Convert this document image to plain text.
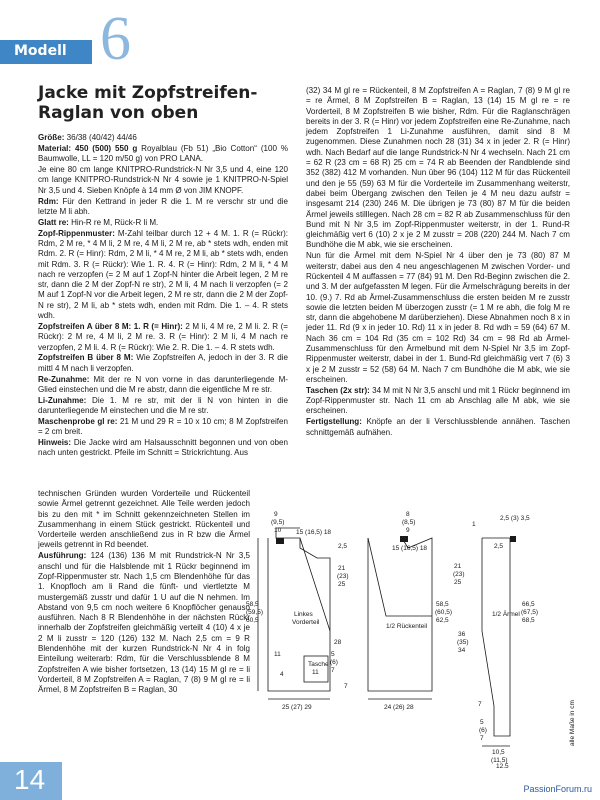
Modell 6
Jacke mit Zopfstreifen-Raglan von oben

Größe: 36/38 (40/42) 44/46

Material: 450 (500) 550 g Royalblau (Fb 51) „Bio Cotton“ (100 % Baumwolle, LL = 120 m/50 g) von PRO LANA.

Je eine 80 cm lange KNITPRO-Rundstrick-N Nr 3,5 und 4, eine 120 cm lange KNITPRO-Rundstrick-N Nr 4 sowie je 1 KNITPRO-N-Spiel Nr 3,5 und 4. Sieben Knöpfe à 14 mm Ø von JIM KNOPF.

Rdm: Für den Kettrand in jeder R die 1. M re verschr str und die letzte M li abh.

Glatt re: Hin-R re M, Rück-R li M.

Zopf-Rippenmuster: M-Zahl teilbar durch 12 + 4 M. 1. R (= Rückr): Rdm, 2 M re, * 4 M li, 2 M re, 4 M li, 2 M re, ab * stets wdh, enden mit Rdm. 2. R (= Hinr): Rdm, 2 M li, * 4 M re, 2 M li, ab * stets wdh, enden mit Rdm. 3. R (= Rückr): Wie 1. R. 4. R (= Hinr): Rdm, 2 M li, * 4 M nach re verzopfen (= 2 M auf 1 Zopf-N hinter die Arbeit legen, 2 M re str, dann die 2 M der Zopf-N re str), 2 M li, 4 M nach li verzopfen (= 2 M auf 1 Zopf-N vor die Arbeit legen, 2 M re str, dann die 2 M der Zopf-N re str), 2 M li, ab * stets wdh, enden mit Rdm. Die 1. – 4. R stets wdh.

Zopfstreifen A über 8 M: 1. R (= Hinr): 2 M li, 4 M re, 2 M li. 2. R (= Rückr): 2 M re, 4 M li, 2 M re. 3. R (= Hinr): 2 M li, 4 M nach re verzopfen, 2 M li. 4. R (= Rückr): Wie 2. R. Die 1. – 4. R stets wdh.

Zopfstreifen B über 8 M: Wie Zopfstreifen A, jedoch in der 3. R die mittl 4 M nach li verzopfen.

Re-Zunahme: Mit der re N von vorne in das darunterliegende M-Glied einstechen und die M re abstr, dann die eigentliche M re str.

Li-Zunahme: Die 1. M re str, mit der li N von hinten in die darunterliegende M einstechen und die M re str.

Maschenprobe gl re: 21 M und 29 R = 10 x 10 cm; 8 M Zopfstreifen = 2 cm breit.

Hinweis: Die Jacke wird am Halsausschnitt begonnen und von oben nach unten gestrickt. Pfeile im Schnitt = Strickrichtung. Aus

technischen Gründen wurden Vorderteile und Rückenteil sowie Ärmel getrennt gezeichnet. Alle Teile werden jedoch bis zu den mit * im Schnitt gekennzeichneten Stellen im Zusammenhang in einem Stück gestrickt. Rückenteil und Vorderteile werden anschließend zus in R bzw die Ärmel jeweils getrennt in Rd beendet.

Ausführung: 124 (136) 136 M mit Rundstrick-N Nr 3,5 anschl und für die Halsblende mit 1 Rückr beginnend im Zopf-Rippenmuster str. Nach 1,5 cm Blendenhöhe für das 1. Knopfloch am li Rand die fünft- und viertletzte M mustergemäß zusstr und dafür 1 U auf die N nehmen. Im Abstand von 9,5 cm noch weitere 6 Knopflöcher genauso ausführen. Nach 8 R Blendenhöhe in der nächsten Rückr innerhalb der Zopfstreifen gleichmäßig verteilt 4 (10) 4 x je 2 M li zusstr = 120 (126) 132 M. Nach 2,5 cm = 9 R Blendenhöhe mit der kurzen Rundstrick-N Nr 4 in folg Einteilung weiterarb: Rdm, für die Verschlussblende 8 M Zopfstreifen A wie bisher fortsetzen, 13 (14) 15 M gl re = li Vorderteil, 8 M Zopfstreifen A = Raglan, 7 (8) 9 M gl re = li Ärmel, 8 M Zopfstreifen B = Raglan, 30

(32) 34 M gl re = Rückenteil, 8 M Zopfstreifen A = Raglan, 7 (8) 9 M gl re = re Ärmel, 8 M Zopfstreifen B = Raglan, 13 (14) 15 M gl re = re Vorderteil, 8 M Zopfstreifen B wie bisher, Rdm. Für die Raglanschrägen bereits in der 3. R (= Hinr) vor jedem Zopfstreifen eine Re-Zunahme, nach jedem Zopfstreifen 1 Li-Zunahme ausführen, damit sind 8 M zugenommen. Diese Zunahmen noch 28 (31) 34 x in jeder 2. R (= Hinr) wdh. Nach Bedarf auf die lange Rundstrick-N Nr 4 wechseln. Nach 21 cm = 62 R (23 cm = 68 R) 25 cm = 74 R ab Beenden der Randblende sind 352 (382) 412 M vorhanden. Nun über 96 (104) 112 M für das Rückenteil und den je 55 (59) 63 M für die Vorderteile im Zusammenhang weiterstr, dabei beim Übergang zwischen den Teilen je 4 M neu dazu aufstr = insgesamt 214 (230) 246 M. Die übrigen je 73 (80) 87 M für die beiden Ärmel jeweils stilllegen. Nach 28 cm = 82 R ab Zusammenschluss für den Bund mit N Nr 3,5 im Zopf-Rippenmuster weiterstr, in der 1. Rund-R gleichmäßig vert 6 (10) 2 x je 2 M zusstr = 208 (220) 244 M. Nach 7 cm Bundhöhe die M abk, wie sie erscheinen.

Nun für die Ärmel mit dem N-Spiel Nr 4 über den je 73 (80) 87 M weiterstr, dabei aus den 4 neu angeschlagenen M zwischen Vorder- und Rückenteil 4 M auffassen = 77 (84) 91 M. Den Rd-Beginn zwischen die 2. und 3. M der aufgefassten M legen. Für die Ärmelschrägung bereits in der 10. (9.) 7. Rd ab Ärmel-Zusammenschluss die ersten beiden M re zusstr sowie die letzten beiden M überzogen zusstr (= 1 M re abh, die folg M re str, dann die abgehobene M darüberziehen). Diese Abnahmen noch 8 x in jeder 11. Rd (9 x in jeder 10. Rd) 11 x in jeder 8. Rd wdh = 59 (64) 67 M. Nach 36 cm = 104 Rd (35 cm = 102 Rd) 34 cm = 98 Rd ab Ärmel-Zusammenschluss für den Ärmelbund mit dem N-Spiel Nr 3,5 im Zopf-Rippenmuster weiterstr, dabei in der 1. Bund-Rd gleichmäßig vert 7 (6) 3 x je 2 M zusstr = 52 (58) 64 M. Nach 7 cm Bundhöhe die M abk, wie sie erscheinen.

Taschen (2x str): 34 M mit N Nr 3,5 anschl und mit 1 Rückr beginnend im Zopf-Rippenmuster str. Nach 11 cm ab Anschlag alle M abk, wie sie erscheinen.

Fertigstellung: Knöpfe an der li Verschlussblende annähen. Taschen schnittgemäß aufnähen.

9
(9,5)
10 15 (16,5) 18
2,5
21
(23)
25
58,5
(59,5)
60,5
Linkes
Vorderteil
28
11
Tasche
11
5
(6)
7
4
7
25 (27) 29
8
(8,5)
9
15 (16,5) 18
1/2 Rückenteil
58,5
(60,5)
62,5
24 (26) 28
1
2,5 (3) 3,5
2,5
21
(23)
25
1/2 Ärmel
66,5
(67,5)
68,5
36
(35)
34
7
5
(6)
7
10,5
(11,5)
12,5
alle Maße in cm
14	PassionForum.ru
